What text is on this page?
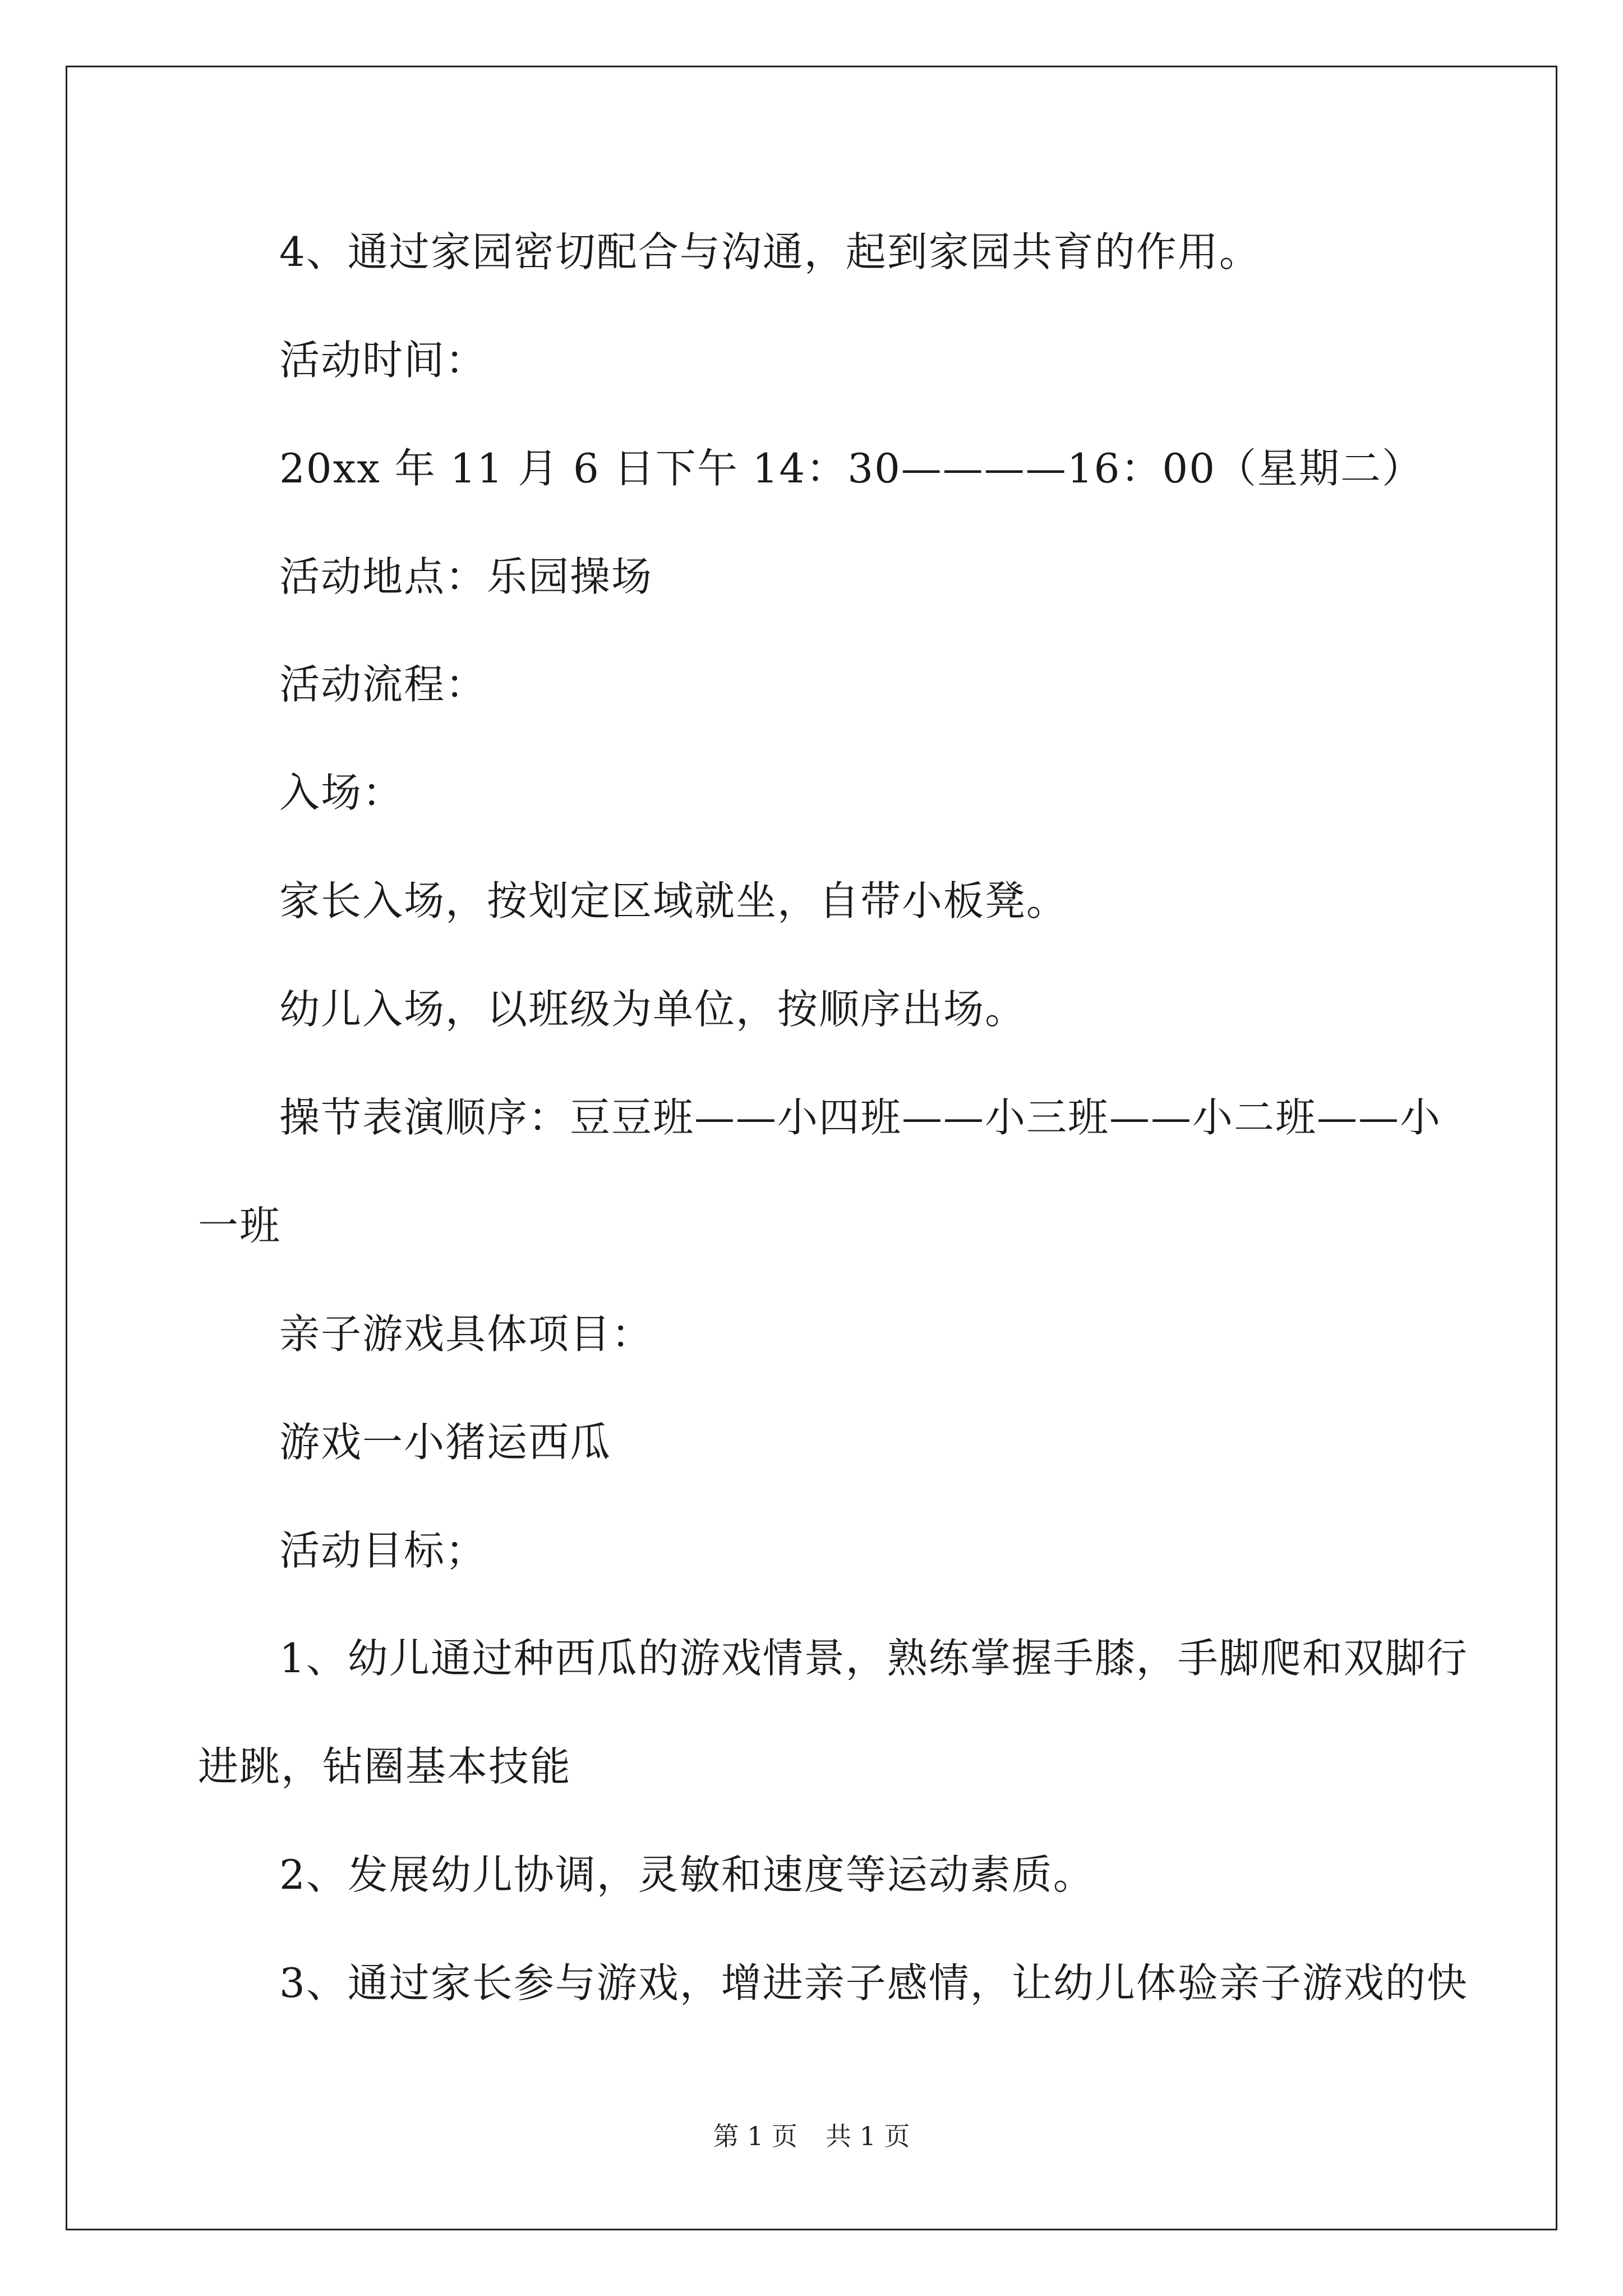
4、通过家园密切配合与沟通，起到家园共育的作用。
活动时间：
20xx 年 11 月 6 日下午 14：30————16：00（星期二）
活动地点：乐园操场
活动流程：
入场：
家长入场，按划定区域就坐，自带小板凳。
幼儿入场，以班级为单位，按顺序出场。
操节表演顺序：豆豆班——小四班——小三班——小二班——小
一班
亲子游戏具体项目：
游戏一小猪运西瓜
活动目标；
1、幼儿通过种西瓜的游戏情景，熟练掌握手膝，手脚爬和双脚行
进跳，钻圈基本技能
2、发展幼儿协调，灵敏和速度等运动素质。
3、通过家长参与游戏，增进亲子感情，让幼儿体验亲子游戏的快
第 1 页 共 1 页
